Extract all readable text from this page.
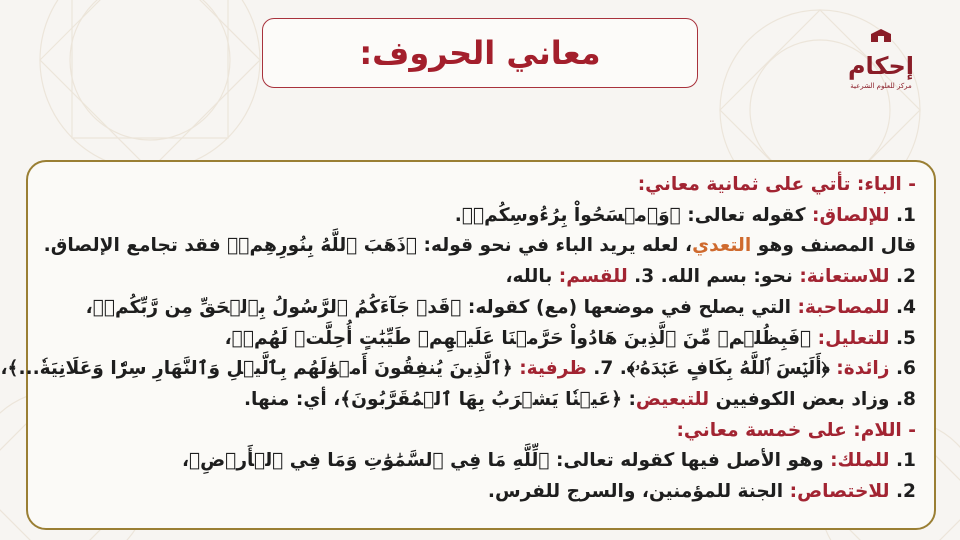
معاني الحروف:	إحكام
مركز للعلوم الشرعية
- الباء: تأتي على ثمانية معاني:
1. للإلصاق: كقوله تعالى: ﴿وَٱمۡسَحُواْ بِرُءُوسِكُمۡ﴾.
قال المصنف وهو التعدي، لعله يريد الباء في نحو قوله: ﴿ذَهَبَ ٱللَّهُ بِنُورِهِمۡ﴾ فقد تجامع الإلصاق.
2. للاستعانة: نحو: بسم الله. 3. للقسم: بالله،
4. للمصاحبة: التي يصلح في موضعها (مع) كقوله: ﴿قَدۡ جَآءَكُمُ ٱلرَّسُولُ بِٱلۡحَقِّ مِن رَّبِّكُمۡ﴾،
5. للتعليل: ﴿فَبِظُلۡمٖ مِّنَ ٱلَّذِينَ هَادُواْ حَرَّمۡنَا عَلَيۡهِمۡ طَيِّبَٰتٍ أُحِلَّتۡ لَهُمۡ﴾،
6. زائدة: ﴿أَلَيۡسَ ٱللَّهُ بِكَافٍ عَبۡدَهُۥ﴾. 7. ظرفية: ﴿ٱلَّذِينَ يُنفِقُونَ أَمۡوَٰلَهُم بِٱلَّيۡلِ وَٱلنَّهَارِ سِرّٗا وَعَلَانِيَةٗ...﴾،
8. وزاد بعض الكوفيين للتبعيض: ﴿عَيۡنٗا يَشۡرَبُ بِهَا ٱلۡمُقَرَّبُونَ﴾، أي: منها.
- اللام: على خمسة معاني:
1. للملك: وهو الأصل فيها كقوله تعالى: ﴿لِّلَّهِ مَا فِي ٱلسَّمَٰوَٰتِ وَمَا فِي ٱلۡأَرۡضِ﴾،
2. للاختصاص: الجنة للمؤمنين، والسرج للفرس.
